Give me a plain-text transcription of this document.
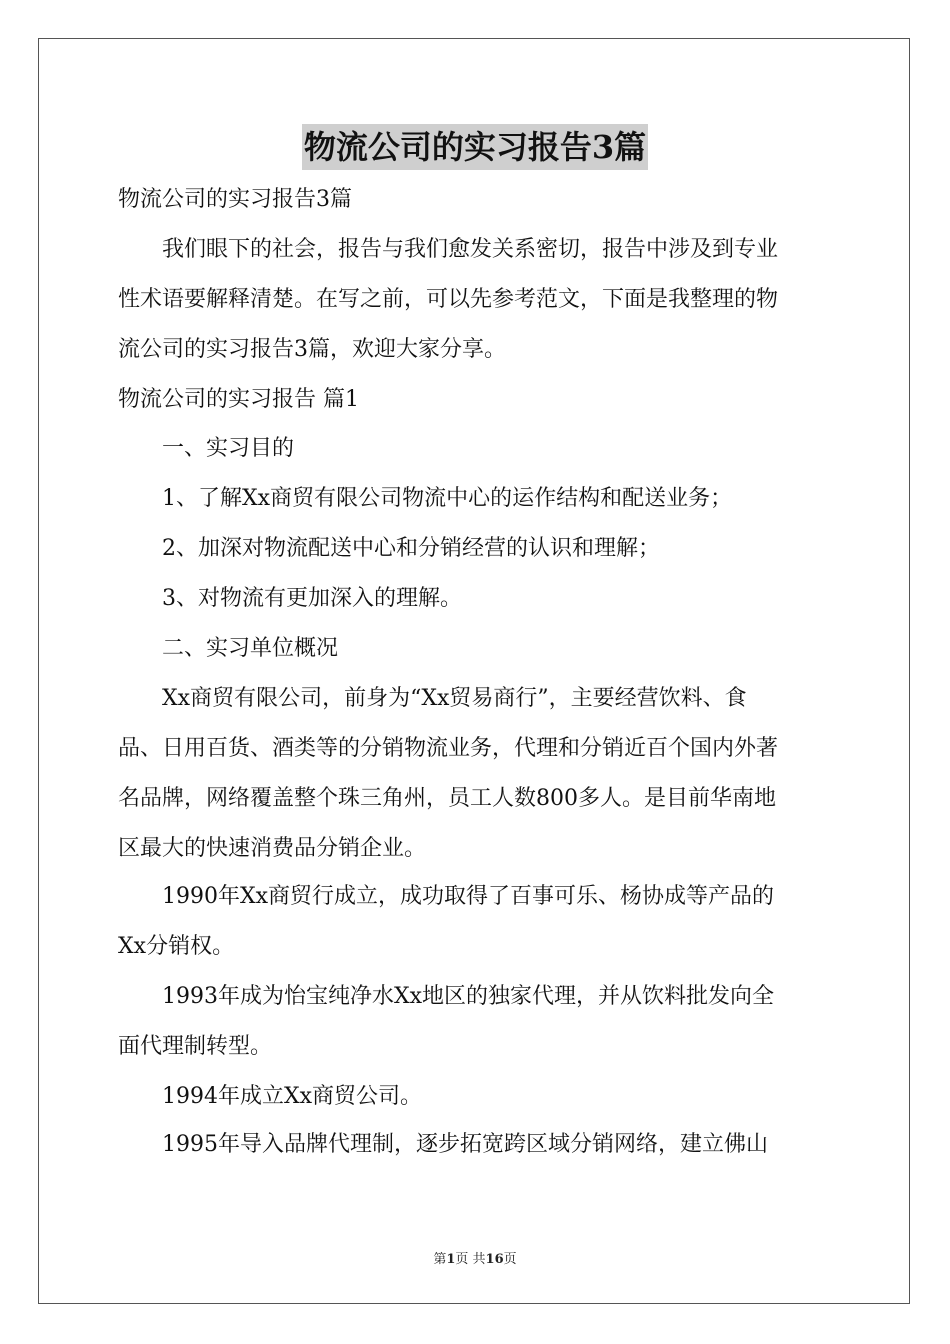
物流公司的实习报告3篇

物流公司的实习报告3篇

我们眼下的社会，报告与我们愈发关系密切，报告中涉及到专业
性术语要解释清楚。在写之前，可以先参考范文，下面是我整理的物
流公司的实习报告3篇，欢迎大家分享。

物流公司的实习报告 篇1

一、实习目的

1、了解Xx商贸有限公司物流中心的运作结构和配送业务；

2、加深对物流配送中心和分销经营的认识和理解；

3、对物流有更加深入的理解。

二、实习单位概况

Xx商贸有限公司，前身为“Xx贸易商行”，主要经营饮料、食
品、日用百货、酒类等的分销物流业务，代理和分销近百个国内外著
名品牌，网络覆盖整个珠三角州，员工人数800多人。是目前华南地
区最大的快速消费品分销企业。

1990年Xx商贸行成立，成功取得了百事可乐、杨协成等产品的
Xx分销权。

1993年成为怡宝纯净水Xx地区的独家代理，并从饮料批发向全
面代理制转型。

1994年成立Xx商贸公司。

1995年导入品牌代理制，逐步拓宽跨区域分销网络，建立佛山

第1页 共16页
